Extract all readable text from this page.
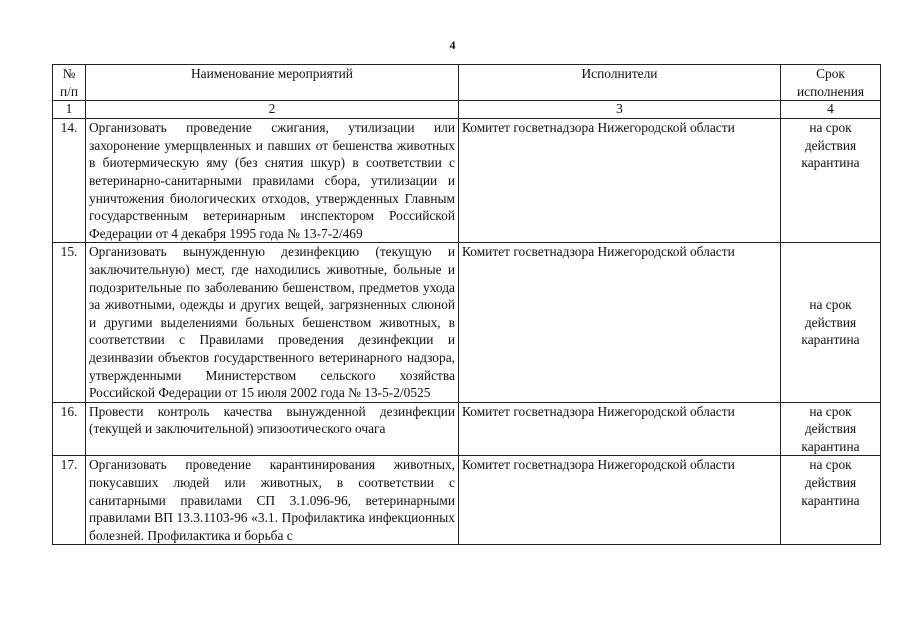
4
№ п/п	Наименование мероприятий	Исполнители	Срок исполнения
1	2	3	4
14.	Организовать проведение сжигания, утилизации или захоронение умерщвленных и павших от бешенства животных в биотермическую яму (без снятия шкур) в соответствии с ветеринарно-санитарными правилами сбора, утилизации и уничтожения биологических отходов, утвержденных Главным государственным ветеринарным инспектором Российской Федерации от 4 декабря 1995 года № 13-7-2/469	Комитет госветнадзора Нижегородской области	на срок действия карантина
15.	Организовать вынужденную дезинфекцию (текущую и заключительную) мест, где находились животные, больные и подозрительные по заболеванию бешенством, предметов ухода за животными, одежды и других вещей, загрязненных слюной и другими выделениями больных бешенством животных, в соответствии с Правилами проведения дезинфекции и дезинвазии объектов государственного ветеринарного надзора, утвержденными Министерством сельского хозяйства Российской Федерации от 15 июля 2002 года № 13-5-2/0525	Комитет госветнадзора Нижегородской области	на срок действия карантина
16.	Провести контроль качества вынужденной дезинфекции (текущей и заключительной) эпизоотического очага	Комитет госветнадзора Нижегородской области	на срок действия карантина
17.	Организовать проведение карантинирования животных, покусавших людей или животных, в соответствии с санитарными правилами СП 3.1.096-96, ветеринарными правилами ВП 13.3.1103-96 «3.1. Профилактика инфекционных болезней. Профилактика и борьба с	Комитет госветнадзора Нижегородской области	на срок действия карантина
